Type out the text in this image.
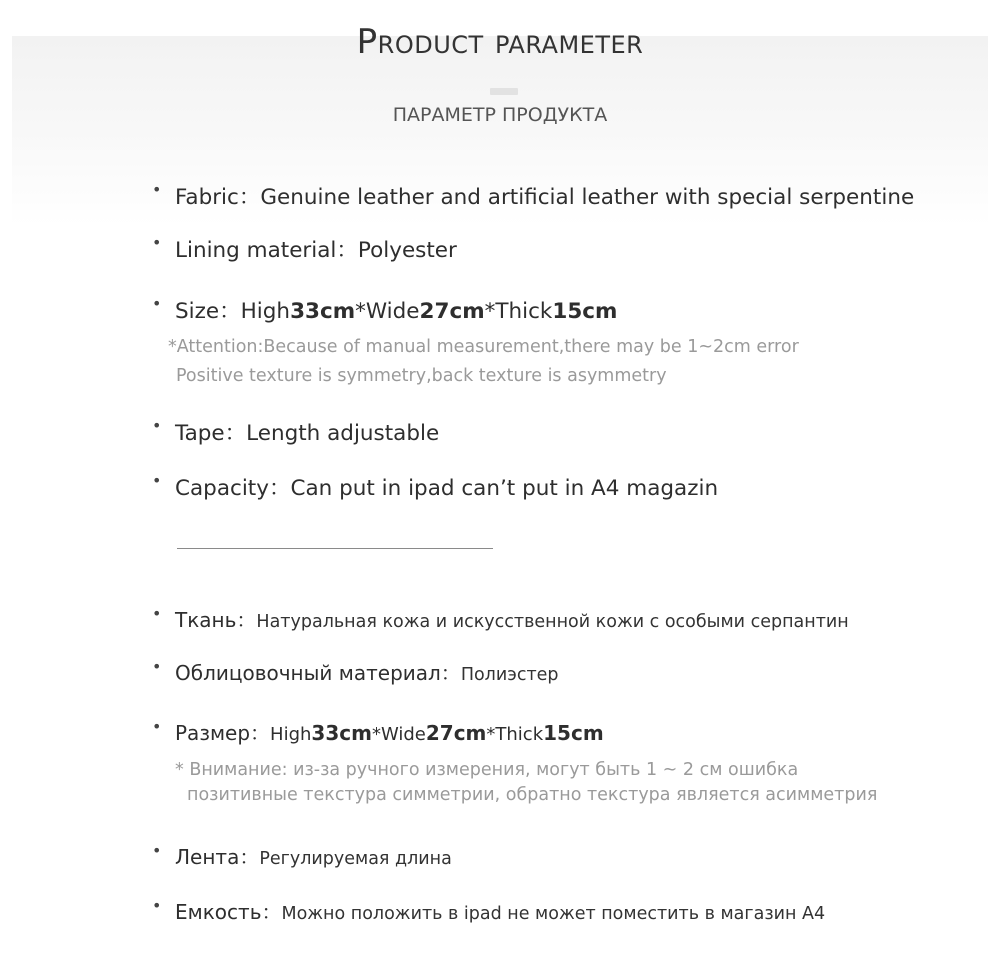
Product parameter
ПАРАМЕТР ПРОДУКТА
• Fabric：Genuine leather and artificial leather with special serpentine
• Lining material：Polyester
• Size：High33cm*Wide27cm*Thick15cm
*Attention:Because of manual measurement,there may be 1~2cm error
Positive texture is symmetry,back texture is asymmetry
• Tape：Length adjustable
• Capacity：Can put in ipad can’t put in A4 magazin
• Ткань：Натуральная кожа и искусственной кожи с особыми серпантин
• Облицовочный материал：Полиэстер
• Размер：High33cm*Wide27cm*Thick15cm
* Внимание: из-за ручного измерения, могут быть 1 ~ 2 см ошибка
позитивные текстура симметрии, обратно текстура является асимметрия
• Лента：Регулируемая длина
• Емкость：Можно положить в ipad не может поместить в магазин A4
